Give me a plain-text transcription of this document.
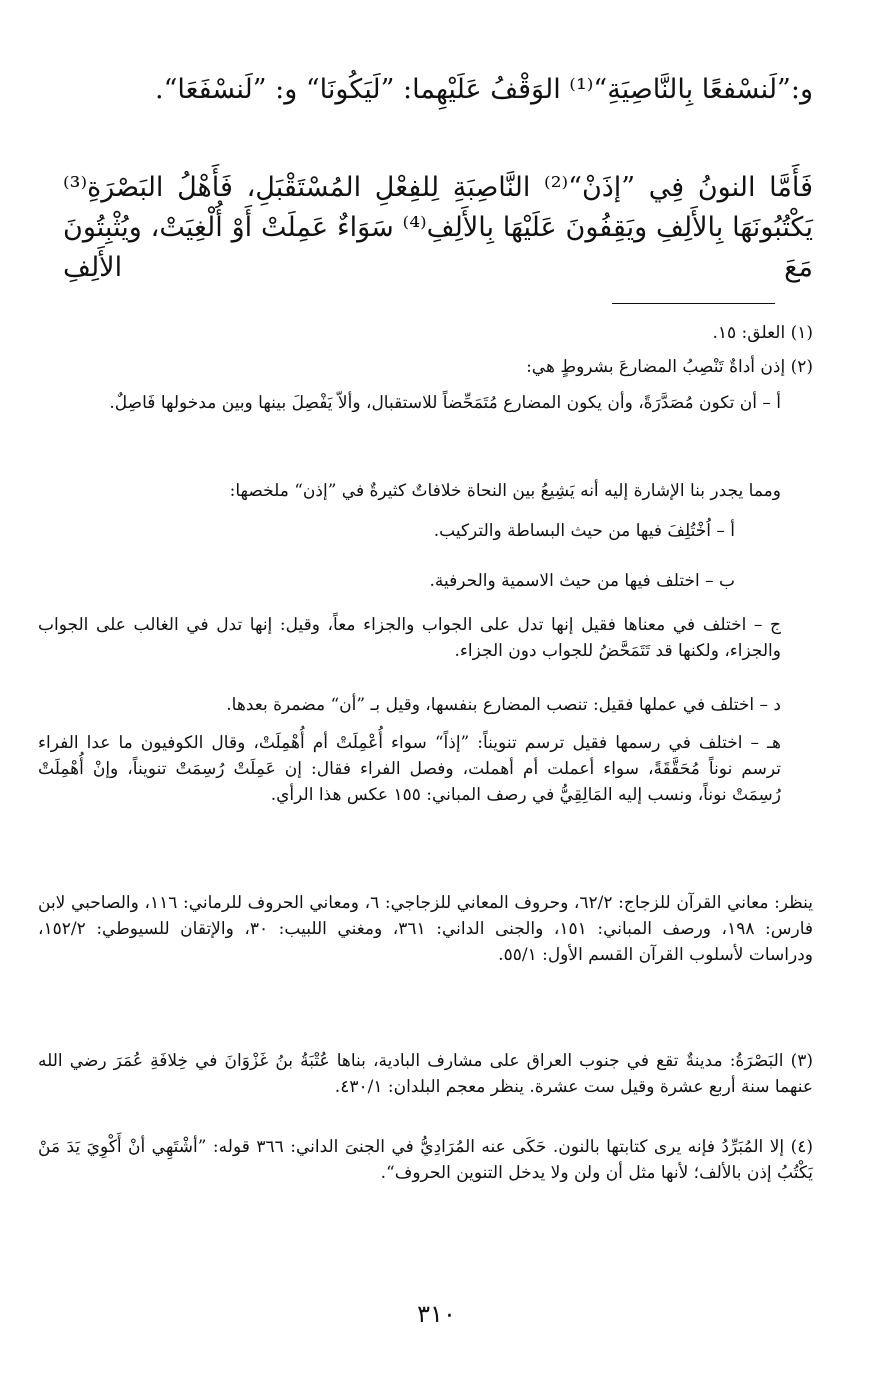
و:”لَنسْفعًا بِالنَّاصِيَةِ“⁽¹⁾ الوَقْفُ عَلَيْهِما: ”لَيَكُونَا“ و: ”لَنسْفَعَا“.

فَأَمَّا النونُ فِي ”إذَنْ“⁽²⁾ النَّاصِبَةِ لِلفِعْلِ المُسْتَقْبَلِ، فَأَهْلُ البَصْرَةِ⁽³⁾ يَكْتُبُونَهَا بِالأَلِفِ ويَقِفُونَ عَلَيْهَا بِالأَلِفِ⁽⁴⁾ سَوَاءٌ عَمِلَتْ أَوْ أُلْغِيَتْ، ويُثْبِتُونَ مَعَ الأَلِفِ

(١) العلق: ١٥.

(٢) إذن أداةٌ تَنْصِبُ المضارعَ بشروطٍ هي:

أ – أن تكون مُصَدَّرَةً، وأن يكون المضارع مُتَمَحِّضاً للاستقبال، وألاّ يَفْصِلَ بينها وبين مدخولها فَاصِلٌ.

ومما يجدر بنا الإشارة إليه أنه يَشِيعُ بين النحاة خلافاتٌ كثيرةٌ في ”إذن“ ملخصها:

أ – اُخْتُلِفَ فيها من حيث البساطة والتركيب.

ب – اختلف فيها من حيث الاسمية والحرفية.

ج – اختلف في معناها فقيل إنها تدل على الجواب والجزاء معاً، وقيل: إنها تدل في الغالب على الجواب والجزاء، ولكنها قد تَتَمَحَّضُ للجواب دون الجزاء.

د – اختلف في عملها فقيل: تنصب المضارع بنفسها، وقيل بـ ”أن“ مضمرة بعدها.

هـ – اختلف في رسمها فقيل ترسم تنويناً: ”إذاً“ سواء أُعْمِلَتْ أم أُهْمِلَتْ، وقال الكوفيون ما عدا الفراء ترسم نوناً مُحَقَّقَةً، سواء أعملت أم أهملت، وفصل الفراء فقال: إن عَمِلَتْ رُسِمَتْ تنويناً، وإنْ أُهْمِلَتْ رُسِمَتْ نوناً، ونسب إليه المَالِقِيُّ في رصف المباني: ١٥٥ عكس هذا الرأي.

ينظر: معاني القرآن للزجاج: ٦٢/٢، وحروف المعاني للزجاجي: ٦، ومعاني الحروف للرماني: ١١٦، والصاحبي لابن فارس: ١٩٨، ورصف المباني: ١٥١، والجنى الداني: ٣٦١، ومغني اللبيب: ٣٠، والإتقان للسيوطي: ١٥٢/٢، ودراسات لأسلوب القرآن القسم الأول: ٥٥/١.

(٣) البَصْرَةُ: مدينةٌ تقع في جنوب العراق على مشارف البادية، بناها عُتْبَةُ بنُ غَزْوَانَ في خِلافَةِ عُمَرَ رضي الله عنهما سنة أربع عشرة وقيل ست عشرة. ينظر معجم البلدان: ٤٣٠/١.

(٤) إلا المُبَرِّدُ فإنه يرى كتابتها بالنون. حَكَى عنه المُرَادِيُّ في الجنىَ الداني: ٣٦٦ قوله: ”أشْتَهِي أنْ أَكْوِيَ يَدَ مَنْ يَكْتُبُ إذن بالألف؛ لأنها مثل أن ولن ولا يدخل التنوين الحروف“.

٣١٠
